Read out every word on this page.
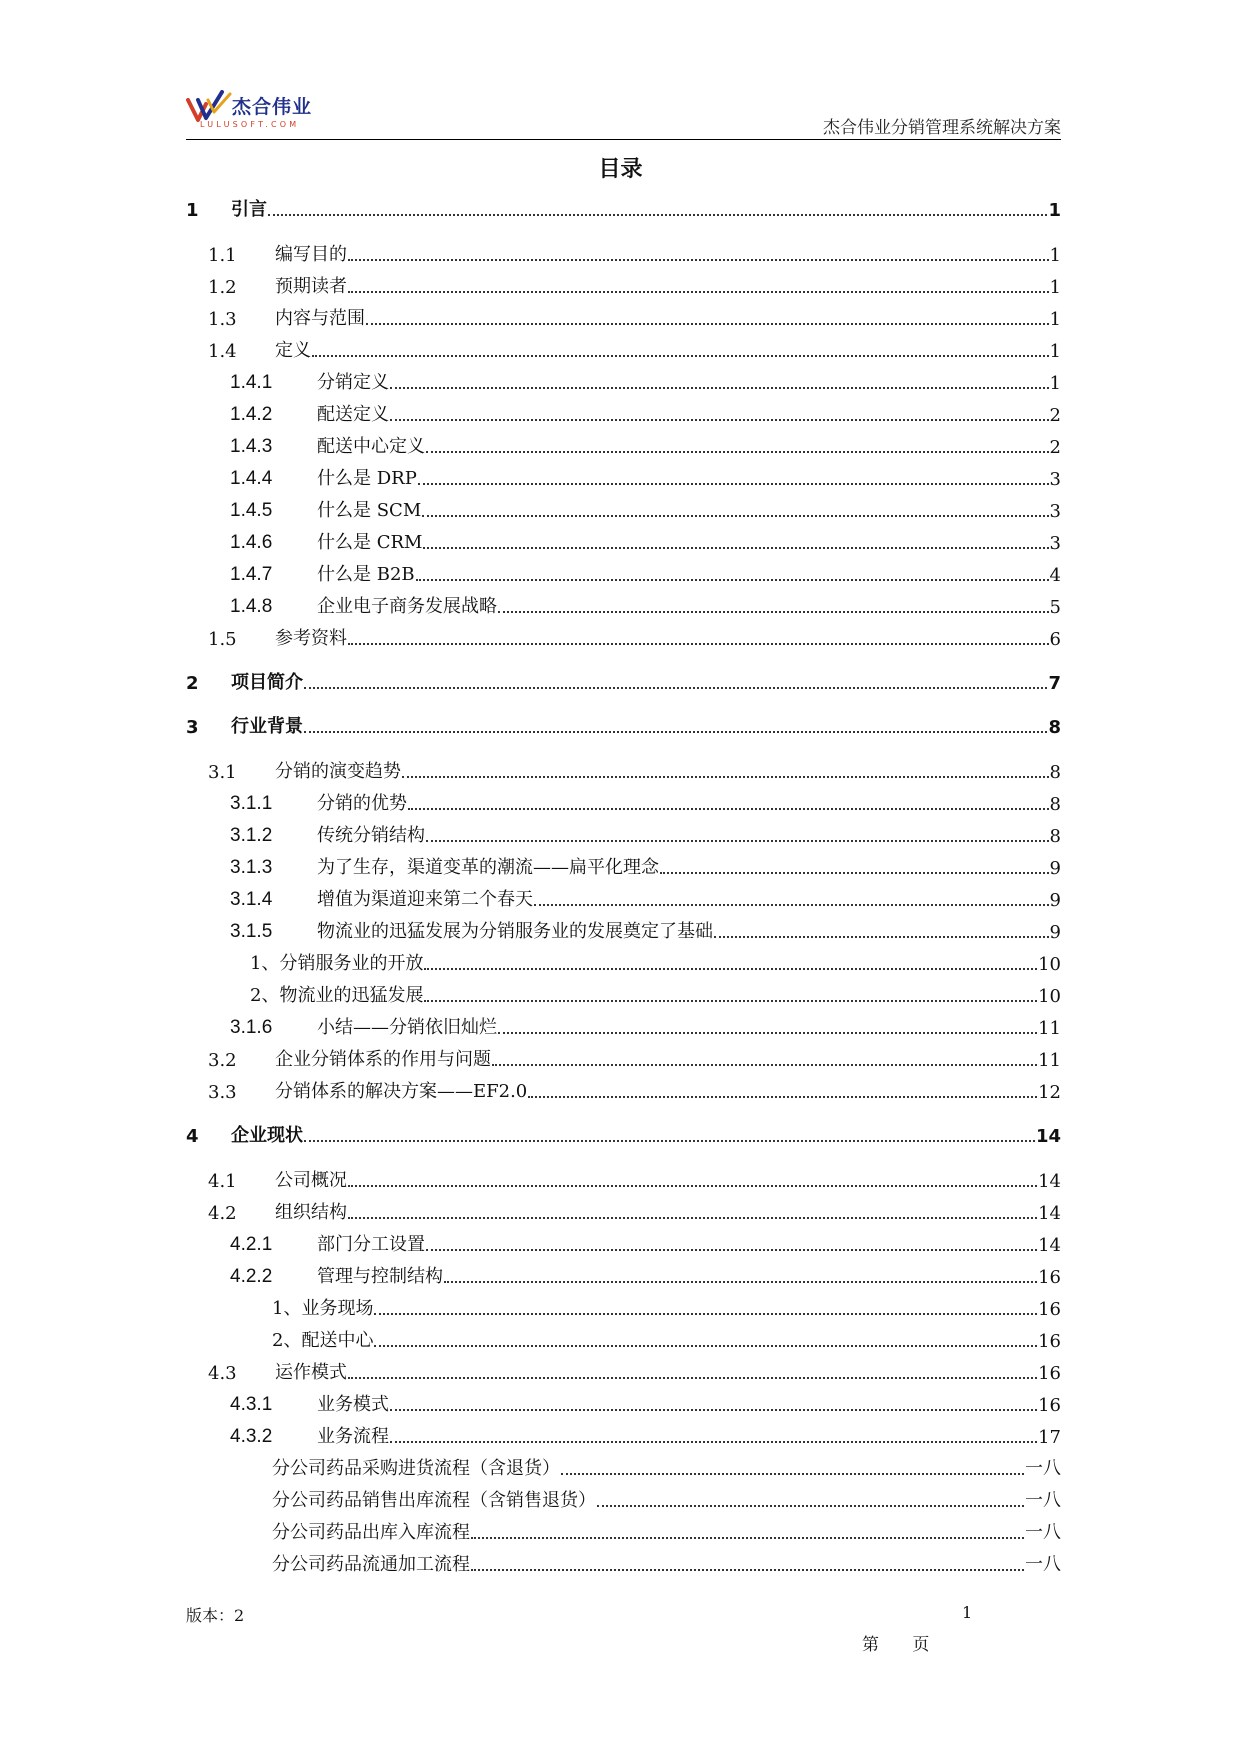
杰合伟业
LULUSOFT.COM	杰合伟业分销管理系统解决方案
目录
1	引言	1
1.1	编写目的	1
1.2	预期读者	1
1.3	内容与范围	1
1.4	定义	1
1.4.1	分销定义	1
1.4.2	配送定义	2
1.4.3	配送中心定义	2
1.4.4	什么是 DRP	3
1.4.5	什么是 SCM	3
1.4.6	什么是 CRM	3
1.4.7	什么是 B2B	4
1.4.8	企业电子商务发展战略	5
1.5	参考资料	6
2	项目简介	7
3	行业背景	8
3.1	分销的演变趋势	8
3.1.1	分销的优势	8
3.1.2	传统分销结构	8
3.1.3	为了生存，渠道变革的潮流——扁平化理念	9
3.1.4	增值为渠道迎来第二个春天	9
3.1.5	物流业的迅猛发展为分销服务业的发展奠定了基础	9
1、分销服务业的开放	10
2、物流业的迅猛发展	10
3.1.6	小结——分销依旧灿烂	11
3.2	企业分销体系的作用与问题	11
3.3	分销体系的解决方案——EF2.0	12
4	企业现状	14
4.1	公司概况	14
4.2	组织结构	14
4.2.1	部门分工设置	14
4.2.2	管理与控制结构	16
1、业务现场	16
2、配送中心	16
4.3	运作模式	16
4.3.1	业务模式	16
4.3.2	业务流程	17
分公司药品采购进货流程（含退货）	一八
分公司药品销售出库流程（含销售退货）	一八
分公司药品出库入库流程	一八
分公司药品流通加工流程	一八
版本：2	1
第 页
